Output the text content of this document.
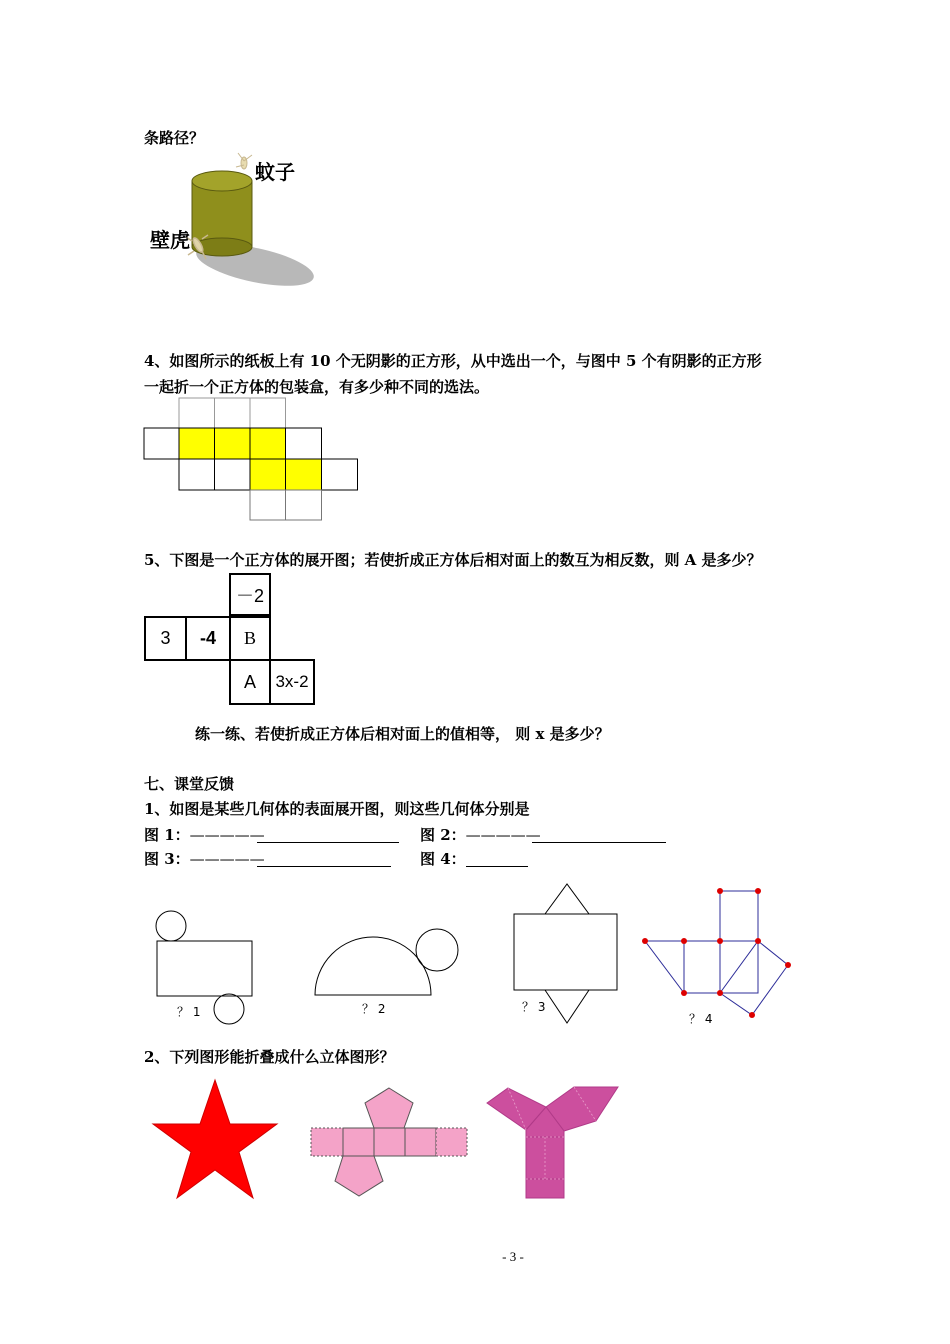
条路径？
蚊子
壁虎
4、如图所示的纸板上有 10 个无阴影的正方形，从中选出一个，与图中 5 个有阴影的正方形
一起折一个正方体的包装盒，有多少种不同的选法。
5、下图是一个正方体的展开图；若使折成正方体后相对面上的数互为相反数，则 A 是多少？
－2
3 -4 B
A 3x-2
练一练、若使折成正方体后相对面上的值相等， 则 x 是多少？
七、课堂反馈
1、如图是某些几何体的表面展开图，则这些几何体分别是
图 1：—————	图 2：—————
图 3：—————	图 4：
？ 1	？ 2	？ 3
？ 4
2、下列图形能折叠成什么立体图形？
- 3 -
